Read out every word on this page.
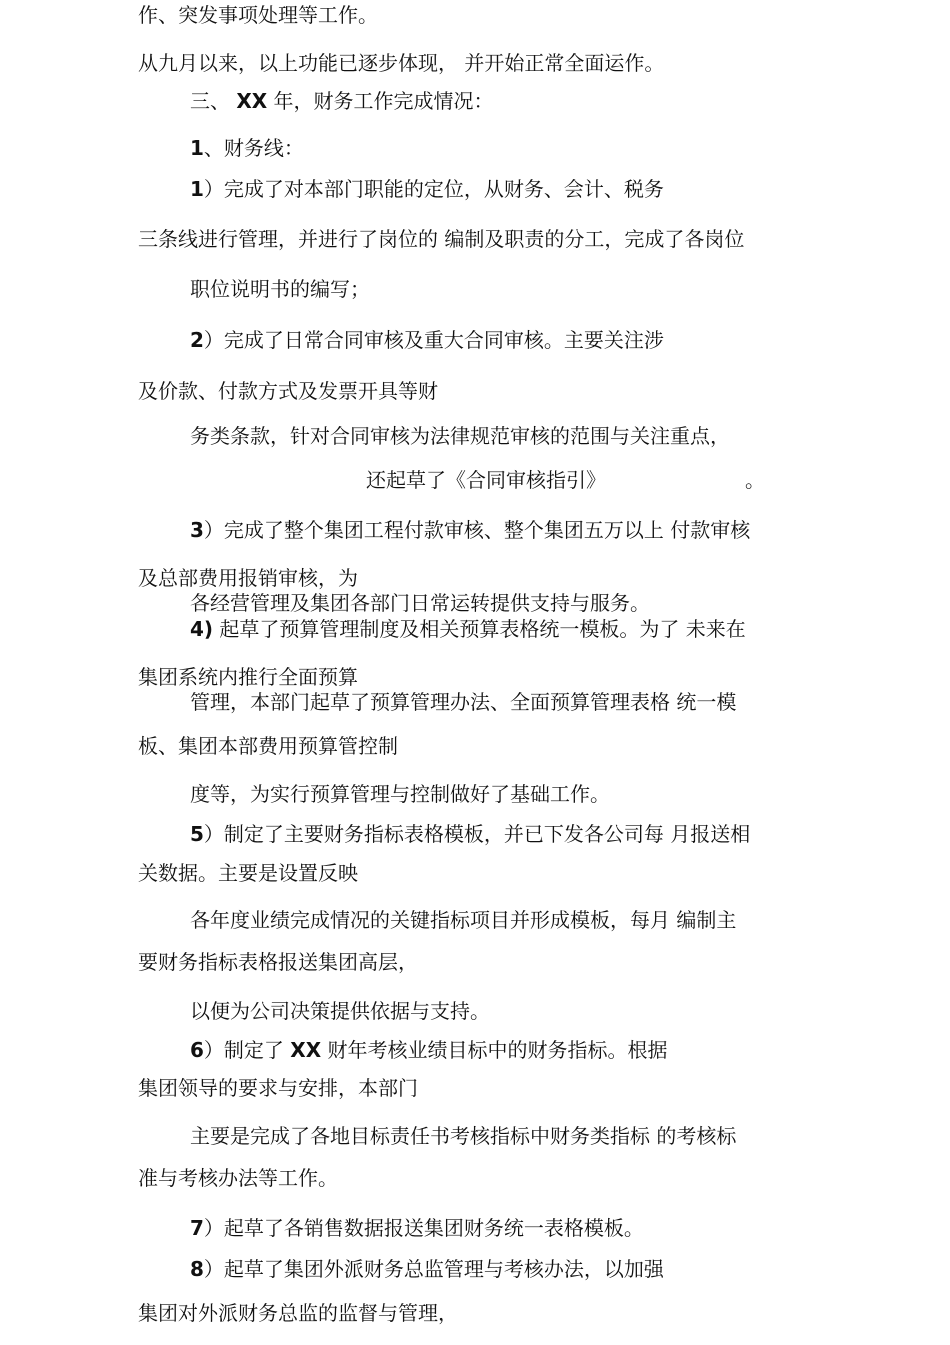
作、突发事项处理等工作。
从九月以来，以上功能已逐步体现， 并开始正常全面运作。
三、 XX 年，财务工作完成情况：
1、财务线：
1）完成了对本部门职能的定位，从财务、会计、税务
三条线进行管理，并进行了岗位的 编制及职责的分工，完成了各岗位
职位说明书的编写；
2）完成了日常合同审核及重大合同审核。主要关注涉
及价款、付款方式及发票开具等财
务类条款，针对合同审核为法律规范审核的范围与关注重点，
还起草了《合同审核指引》	。
3）完成了整个集团工程付款审核、整个集团五万以上 付款审核
及总部费用报销审核，为
各经营管理及集团各部门日常运转提供支持与服务。
4) 起草了预算管理制度及相关预算表格统一模板。为了 未来在
集团系统内推行全面预算
管理，本部门起草了预算管理办法、全面预算管理表格 统一模
板、集团本部费用预算管控制
度等，为实行预算管理与控制做好了基础工作。
5）制定了主要财务指标表格模板，并已下发各公司每 月报送相
关数据。主要是设置反映
各年度业绩完成情况的关键指标项目并形成模板，每月 编制主
要财务指标表格报送集团高层，
以便为公司决策提供依据与支持。
6）制定了 XX 财年考核业绩目标中的财务指标。根据
集团领导的要求与安排，本部门
主要是完成了各地目标责任书考核指标中财务类指标 的考核标
准与考核办法等工作。
7）起草了各销售数据报送集团财务统一表格模板。
8）起草了集团外派财务总监管理与考核办法，以加强
集团对外派财务总监的监督与管理，
